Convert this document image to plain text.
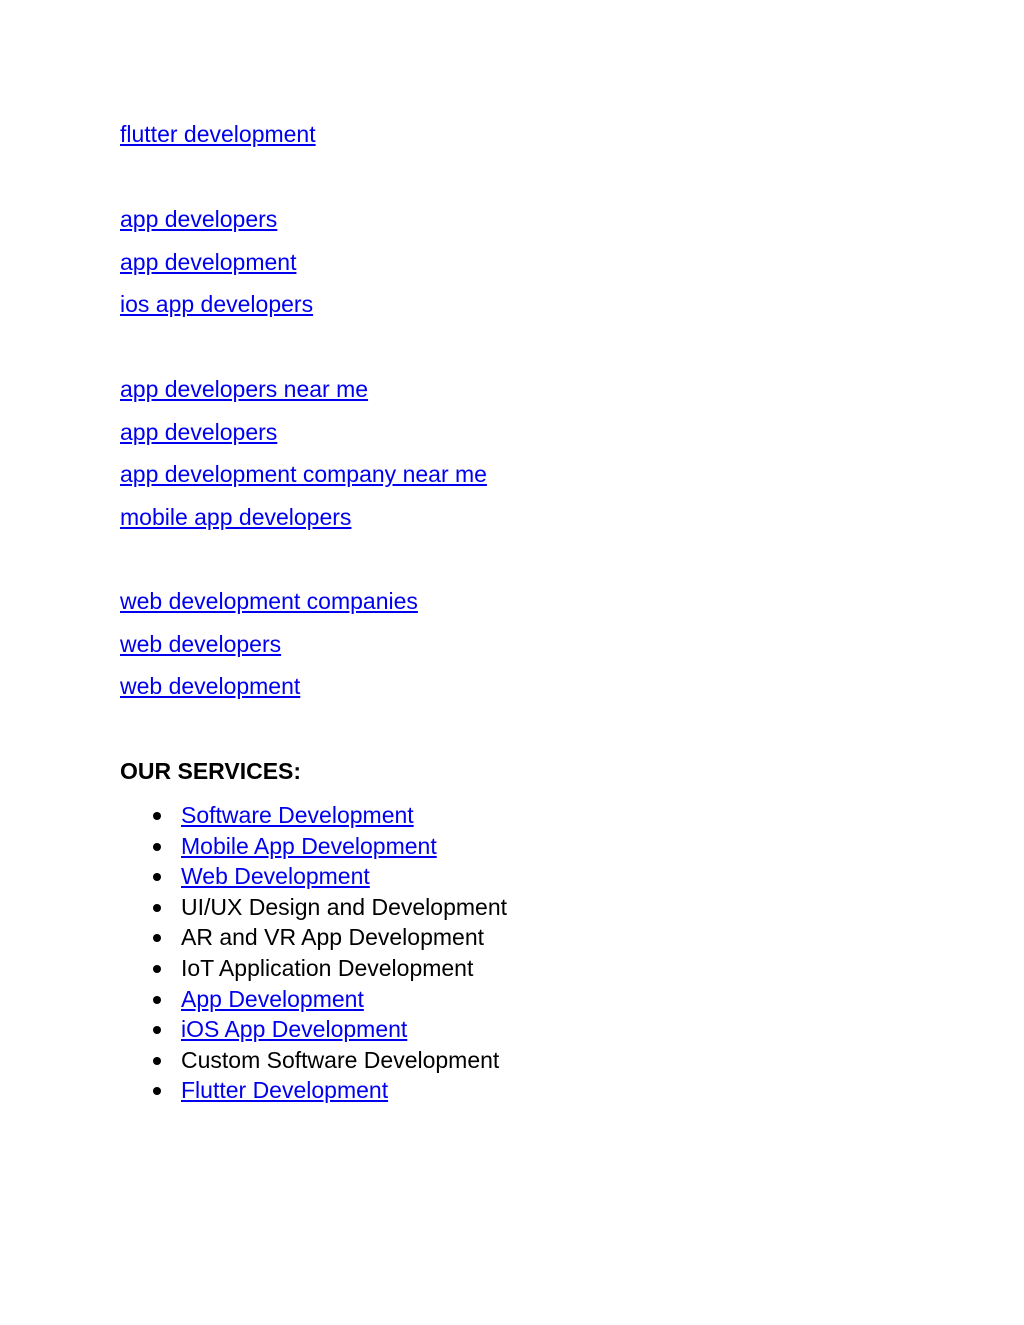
flutter development
app developers
app development
ios app developers
app developers near me
app developers
app development company near me
mobile app developers
web development companies
web developers
web development
OUR SERVICES:
Software Development
Mobile App Development
Web Development
UI/UX Design and Development
AR and VR App Development
IoT Application Development
App Development
iOS App Development
Custom Software Development
Flutter Development
